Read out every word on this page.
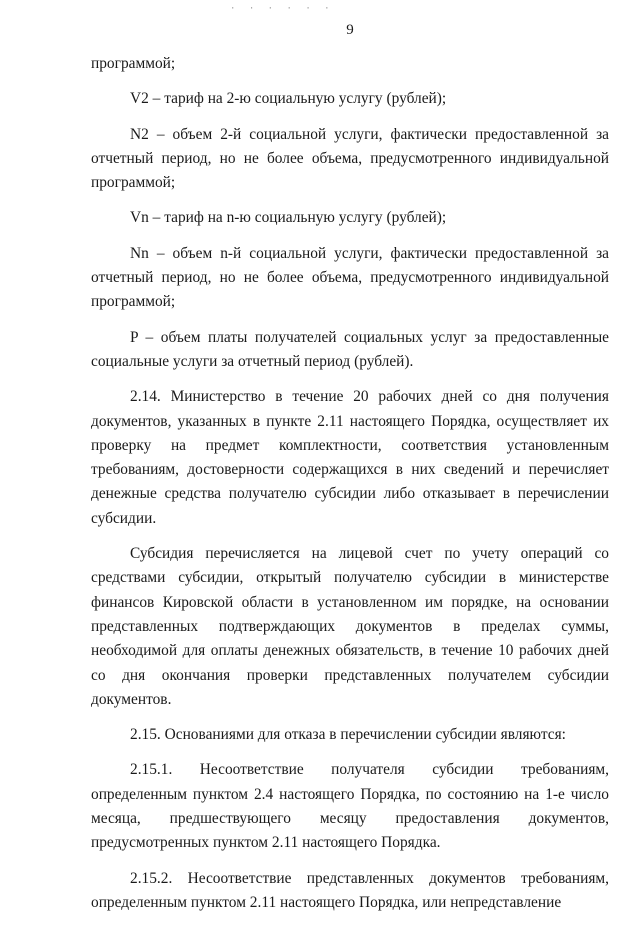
· · · · · ·
9

программой;

V2 – тариф на 2-ю социальную услугу (рублей);

N2 – объем 2-й социальной услуги, фактически предоставленной за отчетный период, но не более объема, предусмотренного индивидуальной программой;

Vn – тариф на n-ю социальную услугу (рублей);

Nn – объем n-й социальной услуги, фактически предоставленной за отчетный период, но не более объема, предусмотренного индивидуальной программой;

P – объем платы получателей социальных услуг за предоставленные социальные услуги за отчетный период (рублей).

2.14. Министерство в течение 20 рабочих дней со дня получения документов, указанных в пункте 2.11 настоящего Порядка, осуществляет их проверку на предмет комплектности, соответствия установленным требованиям, достоверности содержащихся в них сведений и перечисляет денежные средства получателю субсидии либо отказывает в перечислении субсидии.

Субсидия перечисляется на лицевой счет по учету операций со средствами субсидии, открытый получателю субсидии в министерстве финансов Кировской области в установленном им порядке, на основании представленных подтверждающих документов в пределах суммы, необходимой для оплаты денежных обязательств, в течение 10 рабочих дней со дня окончания проверки представленных получателем субсидии документов.

2.15. Основаниями для отказа в перечислении субсидии являются:

2.15.1. Несоответствие получателя субсидии требованиям, определенным пунктом 2.4 настоящего Порядка, по состоянию на 1-е число месяца, предшествующего месяцу предоставления документов, предусмотренных пунктом 2.11 настоящего Порядка.

2.15.2. Несоответствие представленных документов требованиям, определенным пунктом 2.11 настоящего Порядка, или непредставление
